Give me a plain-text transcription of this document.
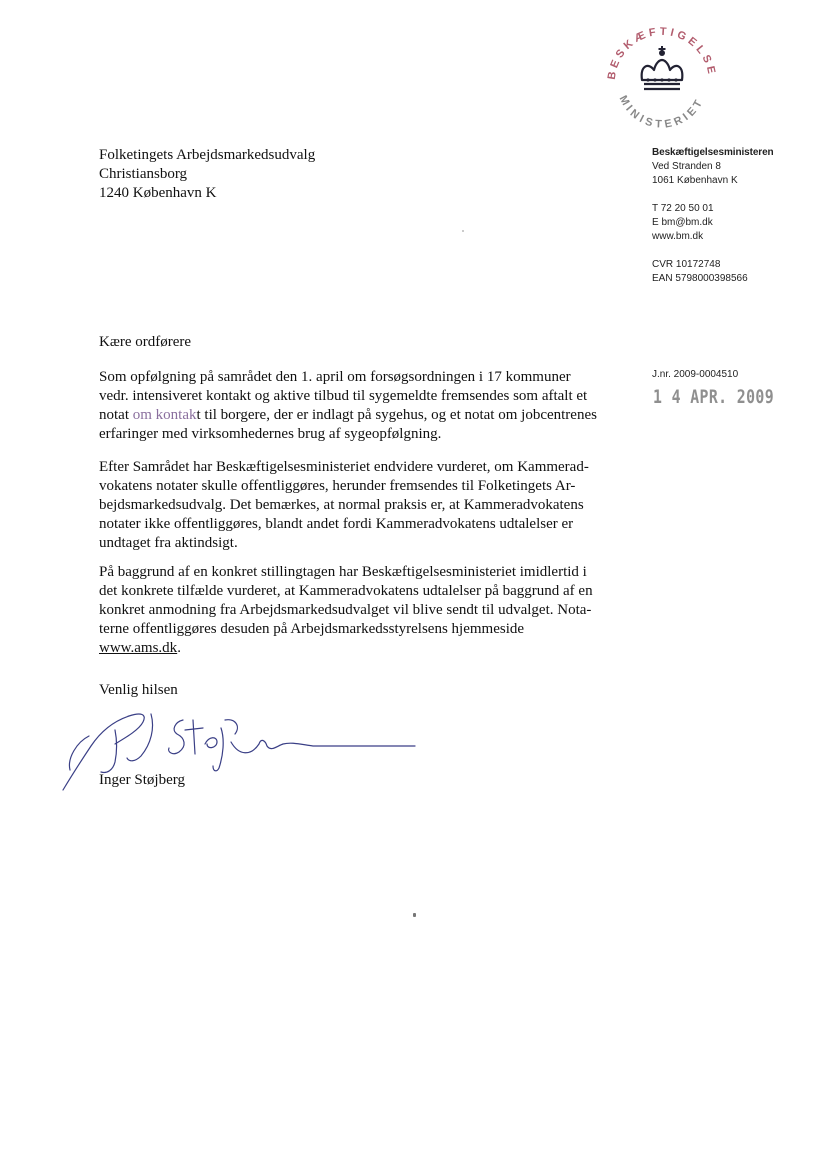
BESKÆFTIGELSE
MINISTERIET
Folketingets Arbejdsmarkedsudvalg
Christiansborg
1240 København K
Beskæftigelsesministeren
Ved Stranden 8
1061 København K
T 72 20 50 01
E bm@bm.dk
www.bm.dk
CVR 10172748
EAN 5798000398566
J.nr. 2009-0004510
1 4 APR. 2009
Kære ordførere
Som opfølgning på samrådet den 1. april om forsøgsordningen i 17 kommuner
vedr. intensiveret kontakt og aktive tilbud til sygemeldte fremsendes som aftalt et
notat om kontakt til borgere, der er indlagt på sygehus, og et notat om jobcentrenes
erfaringer med virksomhedernes brug af sygeopfølgning.
Efter Samrådet har Beskæftigelsesministeriet endvidere vurderet, om Kammerad-
vokatens notater skulle offentliggøres, herunder fremsendes til Folketingets Ar-
bejdsmarkedsudvalg. Det bemærkes, at normal praksis er, at Kammeradvokatens
notater ikke offentliggøres, blandt andet fordi Kammeradvokatens udtalelser er
undtaget fra aktindsigt.
På baggrund af en konkret stillingtagen har Beskæftigelsesministeriet imidlertid i
det konkrete tilfælde vurderet, at Kammeradvokatens udtalelser på baggrund af en
konkret anmodning fra Arbejdsmarkedsudvalget vil blive sendt til udvalget. Nota-
terne offentliggøres desuden på Arbejdsmarkedsstyrelsens hjemmeside
www.ams.dk.
Venlig hilsen
Inger Støjberg
